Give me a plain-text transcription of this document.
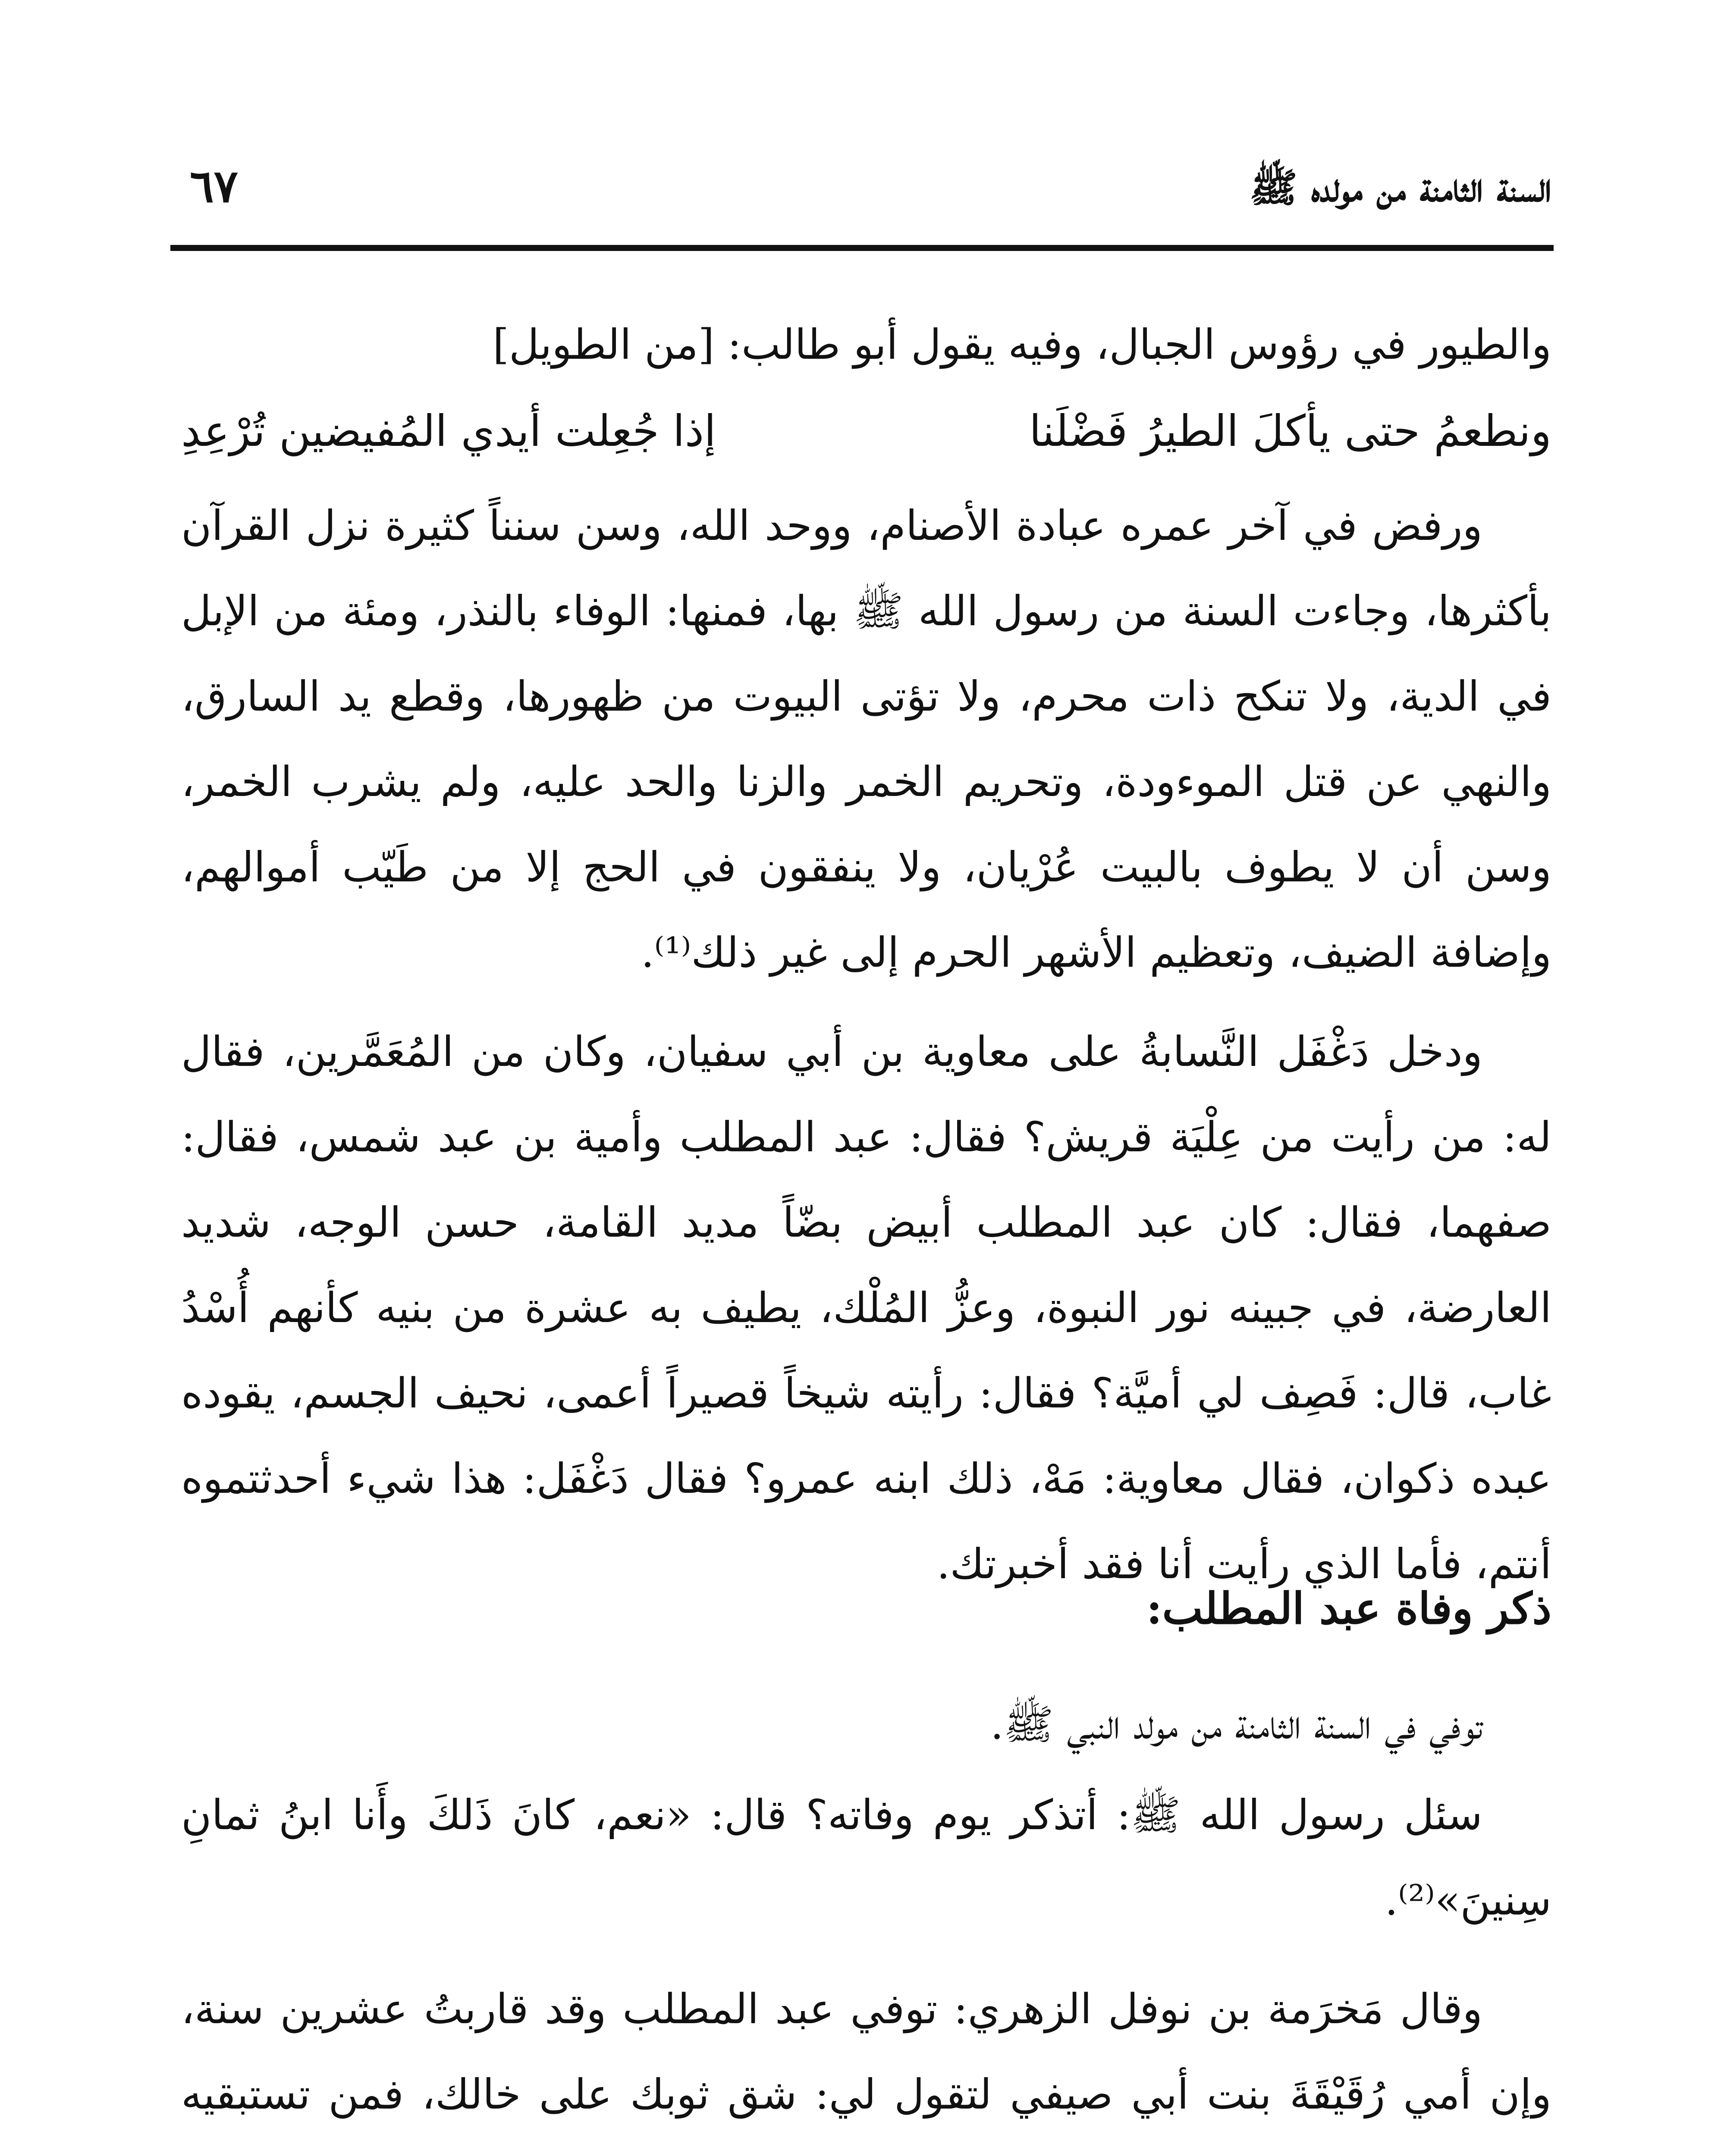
السنة الثامنة من مولده ﷺ
٦٧

والطيور في رؤوس الجبال، وفيه يقول أبو طالب: [من الطويل]

ونطعمُ حتى يأكلَ الطيرُ فَضْلَنا
إذا جُعِلت أيدي المُفيضين تُرْعِدِ

ورفض في آخر عمره عبادة الأصنام، ووحد الله، وسن سنناً كثيرة نزل القرآن بأكثرها، وجاءت السنة من رسول الله ﷺ بها، فمنها: الوفاء بالنذر، ومئة من الإبل في الدية، ولا تنكح ذات محرم، ولا تؤتى البيوت من ظهورها، وقطع يد السارق، والنهي عن قتل الموءودة، وتحريم الخمر والزنا والحد عليه، ولم يشرب الخمر، وسن أن لا يطوف بالبيت عُرْيان، ولا ينفقون في الحج إلا من طَيّب أموالهم، وإضافة الضيف، وتعظيم الأشهر الحرم إلى غير ذلك⁽¹⁾.

ودخل دَغْفَل النَّسابةُ على معاوية بن أبي سفيان، وكان من المُعَمَّرين، فقال له: من رأيت من عِلْيَة قريش؟ فقال: عبد المطلب وأمية بن عبد شمس، فقال: صفهما، فقال: كان عبد المطلب أبيض بضّاً مديد القامة، حسن الوجه، شديد العارضة، في جبينه نور النبوة، وعزُّ المُلْك، يطيف به عشرة من بنيه كأنهم أُسْدُ غاب، قال: فَصِف لي أميَّة؟ فقال: رأيته شيخاً قصيراً أعمى، نحيف الجسم، يقوده عبده ذكوان، فقال معاوية: مَهْ، ذلك ابنه عمرو؟ فقال دَغْفَل: هذا شيء أحدثتموه أنتم، فأما الذي رأيت أنا فقد أخبرتك.

ذكر وفاة عبد المطلب:

توفي في السنة الثامنة من مولد النبي ﷺ.

سئل رسول الله ﷺ: أتذكر يوم وفاته؟ قال: «نعم، كانَ ذَلكَ وأَنا ابنُ ثمانِ سِنينَ»⁽²⁾.

وقال مَخرَمة بن نوفل الزهري: توفي عبد المطلب وقد قاربتُ عشرين سنة، وإن أمي رُقَيْقَةَ بنت أبي صيفي لتقول لي: شق ثوبك على خالك، فمن تستبقيه
